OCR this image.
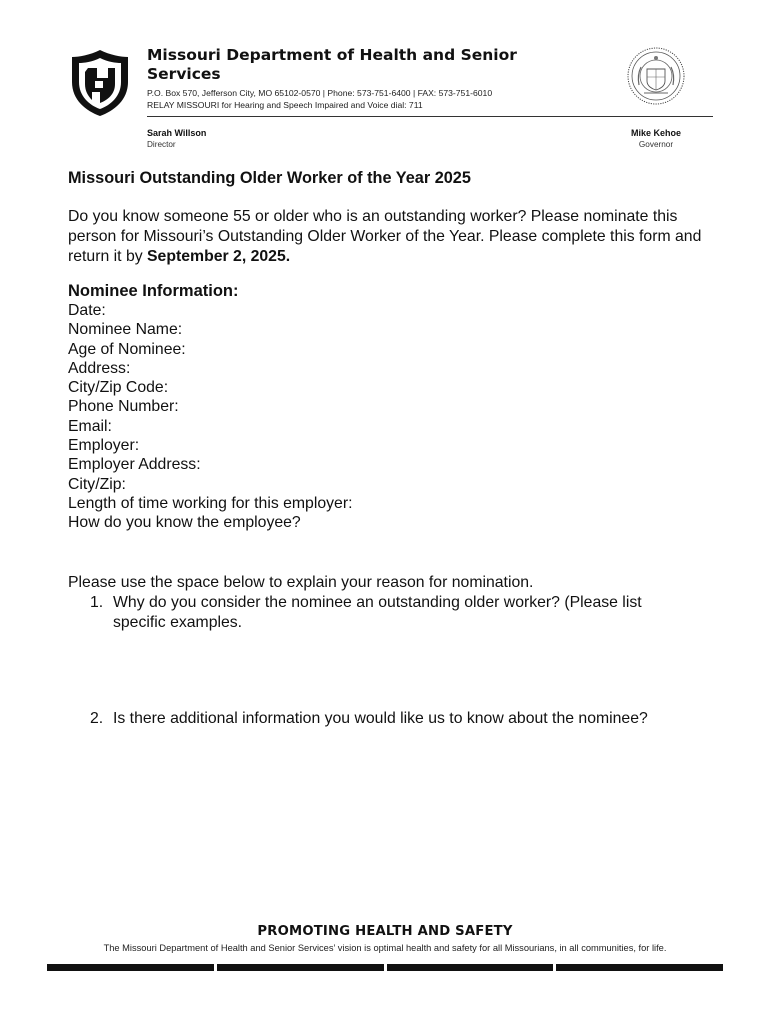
Missouri Department of Health and Senior Services

P.O. Box 570, Jefferson City, MO 65102-0570 | Phone: 573-751-6400 | FAX: 573-751-6010

RELAY MISSOURI for Hearing and Speech Impaired and Voice dial: 711

Sarah Willson
Director
Mike Kehoe
Governor
Missouri Outstanding Older Worker of the Year 2025

Do you know someone 55 or older who is an outstanding worker? Please nominate this person for Missouri’s Outstanding Older Worker of the Year. Please complete this form and return it by September 2, 2025.

Nominee Information:
Date:
Nominee Name:
Age of Nominee:
Address:
City/Zip Code:
Phone Number:
Email:
Employer:
Employer Address:
City/Zip:
Length of time working for this employer:
How do you know the employee?

Please use the space below to explain your reason for nomination.

1. Why do you consider the nominee an outstanding older worker? (Please list specific examples.
2. Is there additional information you would like us to know about the nominee?

PROMOTING HEALTH AND SAFETY

The Missouri Department of Health and Senior Services’ vision is optimal health and safety for all Missourians, in all communities, for life.
